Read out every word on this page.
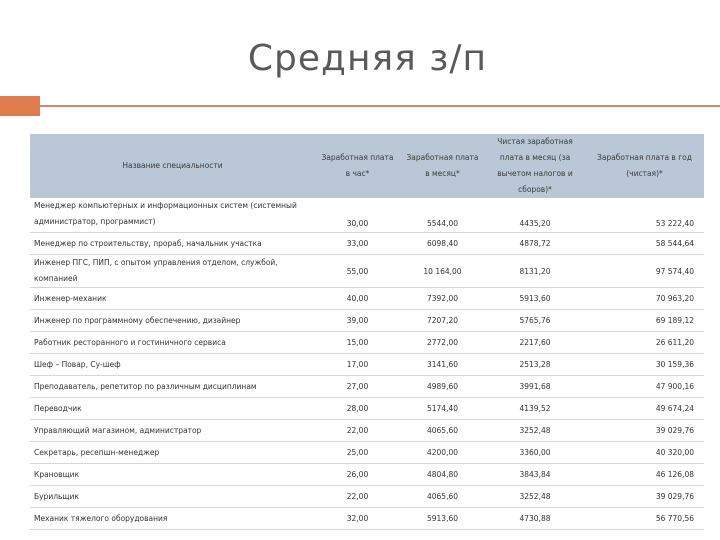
Средняя з/п
Название специальности	Заработная плата в час*	Заработная плата в месяц*	Чистая заработная плата в месяц (за вычетом налогов и сборов)*	Заработная плата в год (чистая)*
Менеджер компьютерных и информационных систем (системный администратор, программист)	30,00	5544,00	4435,20	53 222,40
Менеджер по строительству, прораб, начальник участка	33,00	6098,40	4878,72	58 544,64
Инженер ПГС, ПИП, с опытом управления отделом, службой, компанией	55,00	10 164,00	8131,20	97 574,40
Инженер-механик	40,00	7392,00	5913,60	70 963,20
Инженер по программному обеспечению, дизайнер	39,00	7207,20	5765,76	69 189,12
Работник ресторанного и гостиничного сервиса	15,00	2772,00	2217,60	26 611,20
Шеф – Повар, Су-шеф	17,00	3141,60	2513,28	30 159,36
Преподаватель, репетитор по различным дисциплинам	27,00	4989,60	3991,68	47 900,16
Переводчик	28,00	5174,40	4139,52	49 674,24
Управляющий магазином, администратор	22,00	4065,60	3252,48	39 029,76
Секретарь, ресепшн-менеджер	25,00	4200,00	3360,00	40 320,00
Крановщик	26,00	4804,80	3843,84	46 126,08
Бурильщик	22,00	4065,60	3252,48	39 029,76
Механик тяжелого оборудования	32,00	5913,60	4730,88	56 770,56
